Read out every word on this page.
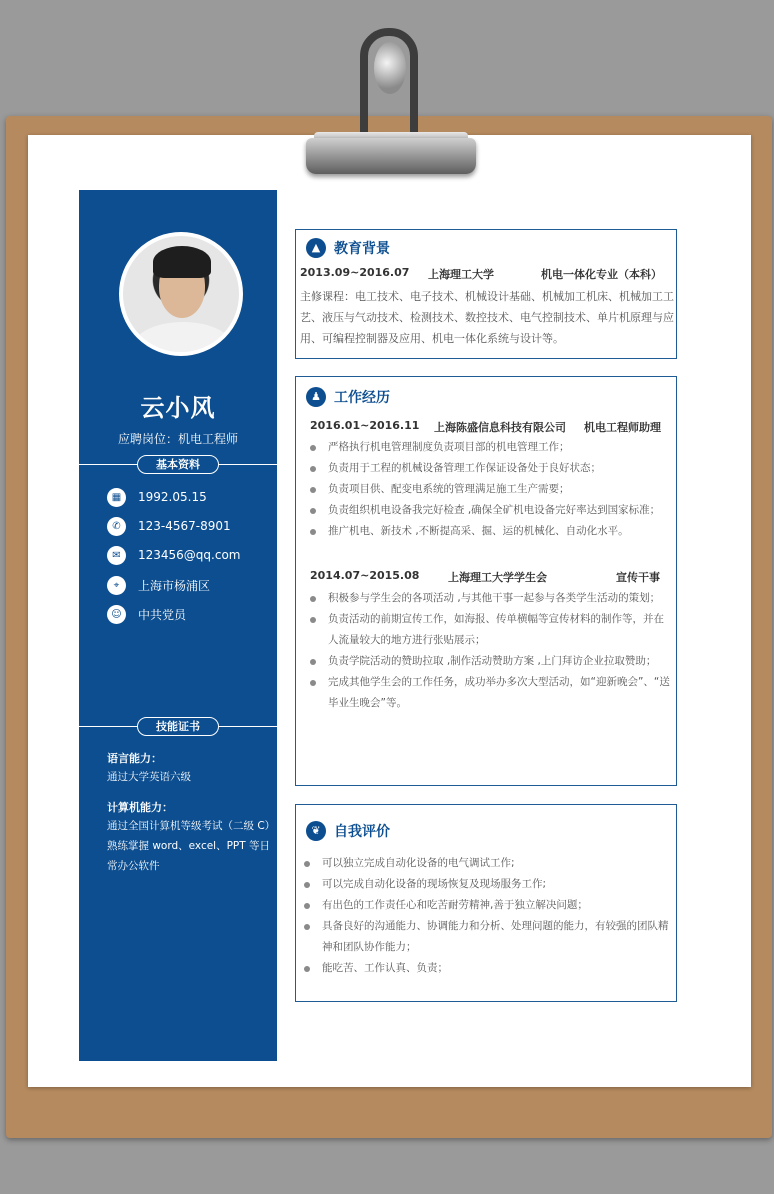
云小风
应聘岗位：机电工程师
基本资料
▦	1992.05.15
✆	123-4567-8901
✉	123456@qq.com
⌖	上海市杨浦区
☺	中共党员
技能证书
语言能力：
通过大学英语六级
计算机能力：
通过全国计算机等级考试（二级 C）熟练掌握 word、excel、PPT 等日常办公软件
▲ 教育背景
2013.09~2016.07	上海理工大学	机电一体化专业（本科）
主修课程：电工技术、电子技术、机械设计基础、机械加工机床、机械加工工艺、液压与气动技术、检测技术、数控技术、电气控制技术、单片机原理与应用、可编程控制器及应用、机电一体化系统与设计等。
♟ 工作经历
2016.01~2016.11	上海陈盛信息科技有限公司	机电工程师助理
严格执行机电管理制度负责项目部的机电管理工作；
负责用于工程的机械设备管理工作保证设备处于良好状态；
负责项目供、配变电系统的管理满足施工生产需要；
负责组织机电设备我完好检查 ,确保全矿机电设备完好率达到国家标准；
推广机电、新技术 ,不断提高采、掘、运的机械化、自动化水平。
2014.07~2015.08	上海理工大学学生会	宣传干事
积极参与学生会的各项活动 ,与其他干事一起参与各类学生活动的策划；
负责活动的前期宣传工作，如海报、传单横幅等宣传材料的制作等，并在人流量较大的地方进行张贴展示；
负责学院活动的赞助拉取 ,制作活动赞助方案 ,上门拜访企业拉取赞助；
完成其他学生会的工作任务，成功举办多次大型活动，如“迎新晚会”、“送毕业生晚会”等。
❦ 自我评价
可以独立完成自动化设备的电气调试工作;
可以完成自动化设备的现场恢复及现场服务工作;
有出色的工作责任心和吃苦耐劳精神,善于独立解决问题；
具备良好的沟通能力、协调能力和分析、处理问题的能力，有较强的团队精神和团队协作能力；
能吃苦、工作认真、负责；
